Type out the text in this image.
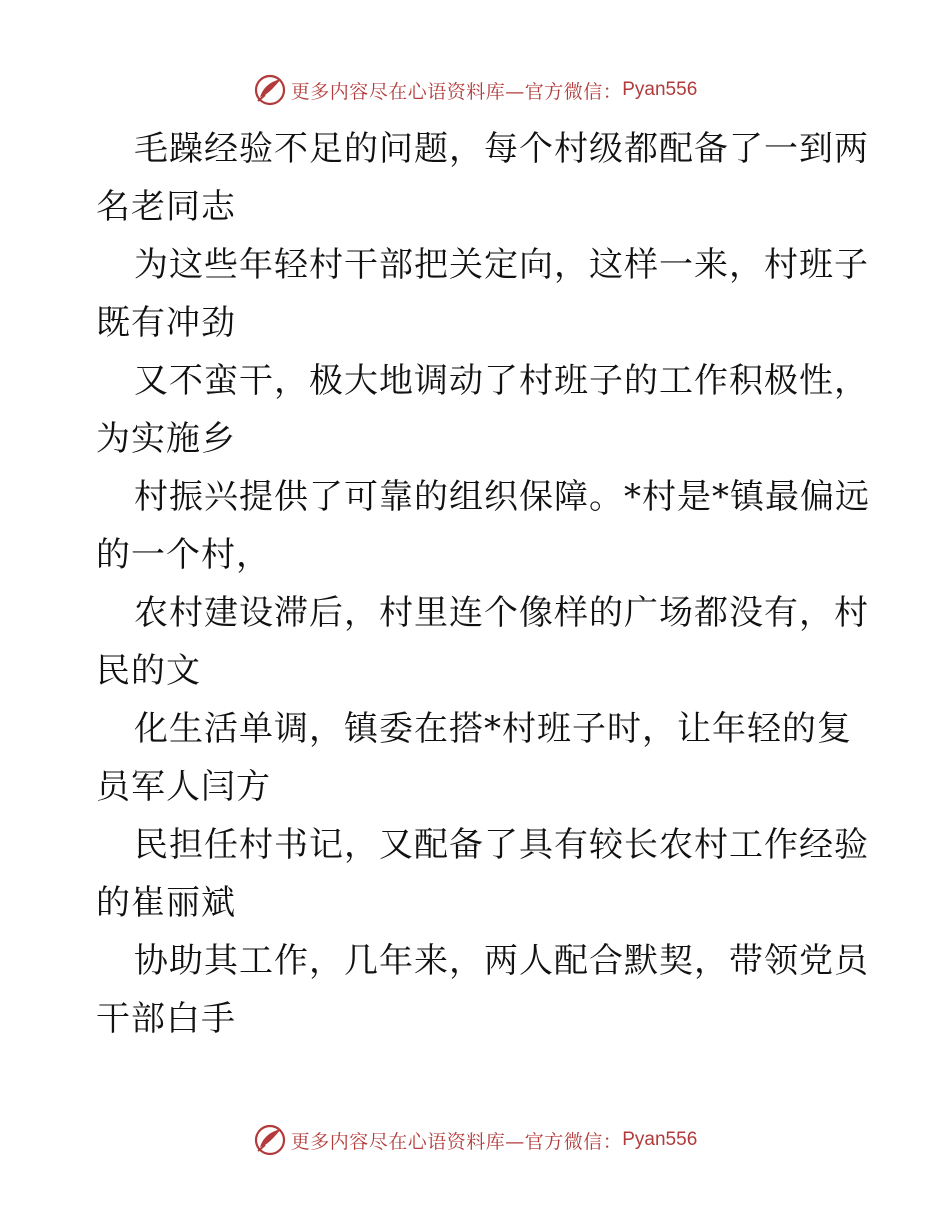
更多内容尽在心语资料库—官方微信： Pyan556
毛躁经验不足的问题，每个村级都配备了一到两
名老同志
为这些年轻村干部把关定向，这样一来，村班子
既有冲劲
又不蛮干，极大地调动了村班子的工作积极性，
为实施乡
村振兴提供了可靠的组织保障。*村是*镇最偏远
的一个村，
农村建设滞后，村里连个像样的广场都没有，村
民的文
化生活单调，镇委在搭*村班子时，让年轻的复
员军人闫方
民担任村书记，又配备了具有较长农村工作经验
的崔丽斌
协助其工作，几年来，两人配合默契，带领党员
干部白手
更多内容尽在心语资料库—官方微信： Pyan556
